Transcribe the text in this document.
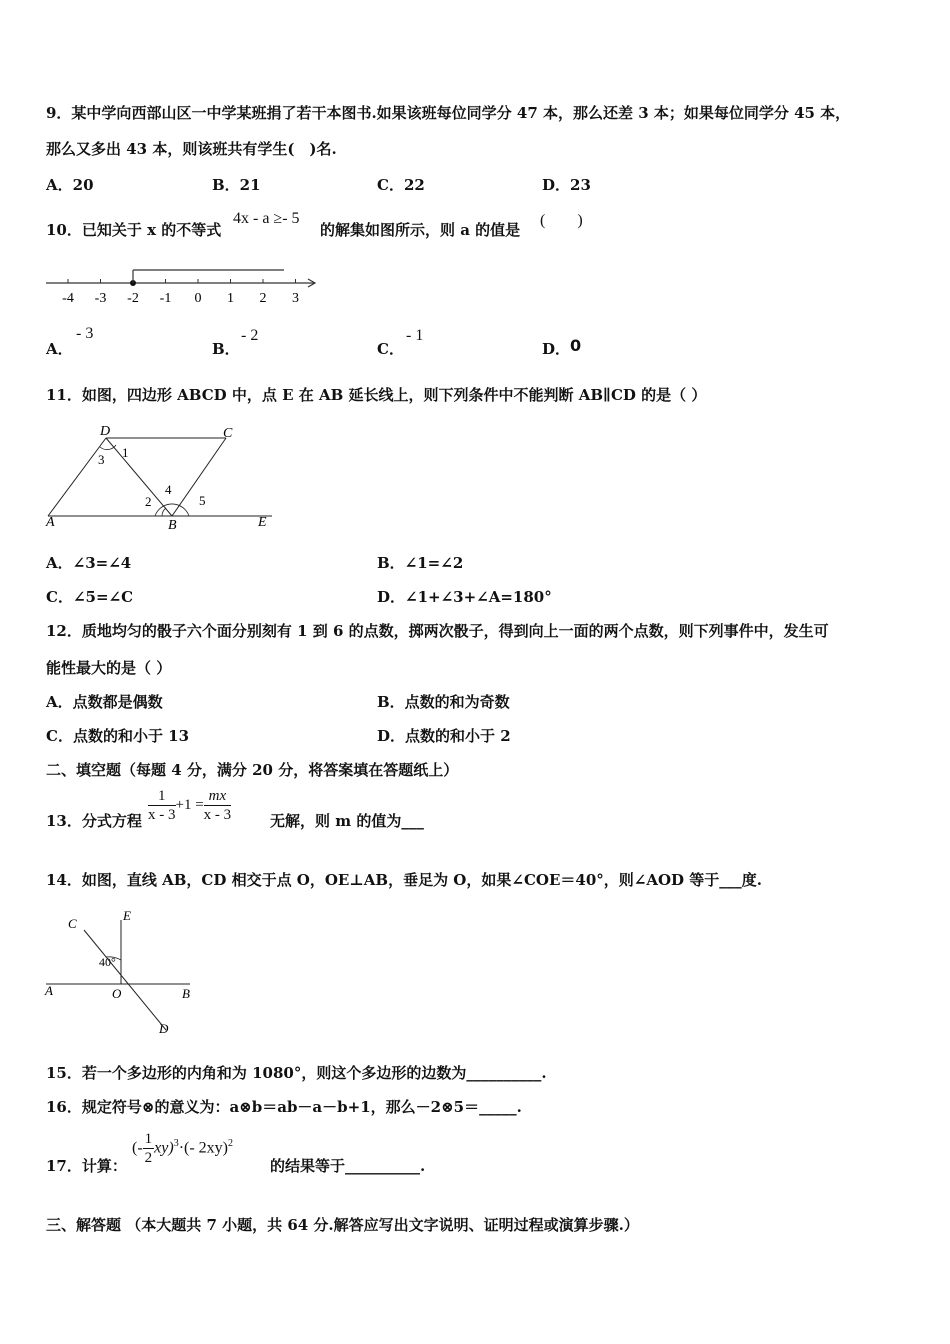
9．某中学向西部山区一中学某班捐了若干本图书.如果该班每位同学分 47 本，那么还差 3 本；如果每位同学分 45 本，
那么又多出 43 本，则该班共有学生(　)名.
A．20	B．21	C．22	D．23
10．已知关于 x 的不等式
4x - a ≥- 5
的解集如图所示，则 a 的值是
(　　)
-4 -3 -2 -1 0 1 2 3
A．
- 3
B．
- 2
C．
- 1
D． 0
11．如图，四边形 ABCD 中，点 E 在 AB 延长线上，则下列条件中不能判断 AB∥CD 的是（ ）
D	C
A	B	E
1
2
3
4
5
A．∠3=∠4	B．∠1=∠2
C．∠5=∠C	D．∠1+∠3+∠A=180°
12．质地均匀的骰子六个面分别刻有 1 到 6 的点数，掷两次骰子，得到向上一面的两个点数，则下列事件中，发生可
能性最大的是（ ）
A．点数都是偶数	B．点数的和为奇数
C．点数的和小于 13	D．点数的和小于 2
二、填空题（每题 4 分，满分 20 分，将答案填在答题纸上）
13．分式方程 $\frac{1}{x - 3} +1 = \frac{mx}{x - 3}$	无解，则 m 的值为___
14．如图，直线 AB，CD 相交于点 O，OE⊥AB，垂足为 O，如果∠COE＝40°，则∠AOD 等于___度.
C
E
A	O	B
D
40°
15．若一个多边形的内角和为 1080°，则这个多边形的边数为__________.
16．规定符号⊗的意义为：a⊗b＝ab－a－b+1，那么－2⊗5＝_____.
17．计算：
(- $\frac{1}{2} xy)^3\cdot(-$ 2xy)$^2$
的结果等于__________.
三、解答题 （本大题共 7 小题，共 64 分.解答应写出文字说明、证明过程或演算步骤.）
